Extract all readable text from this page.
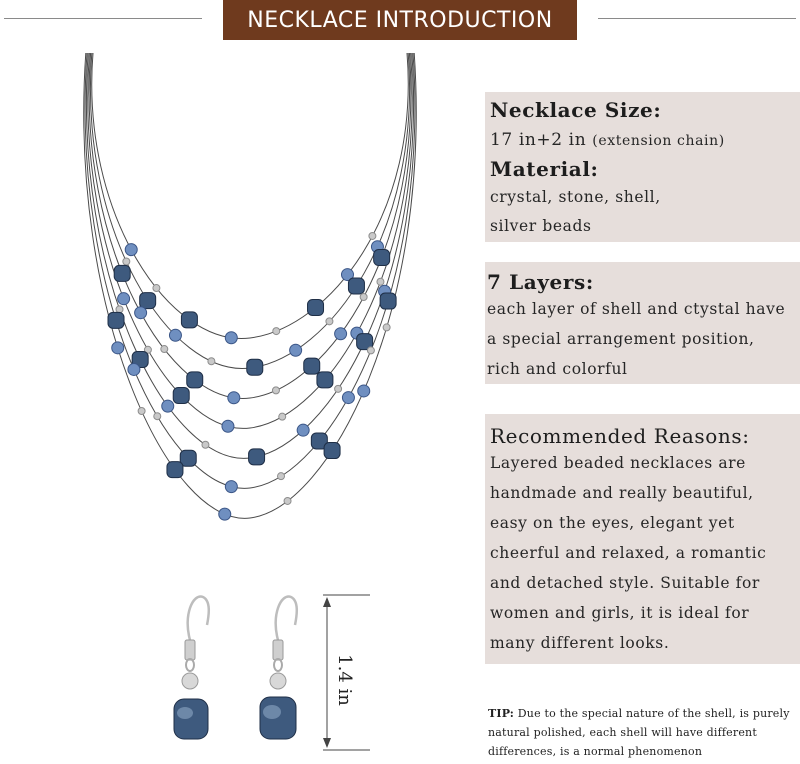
NECKLACE INTRODUCTION
1.4 in
Necklace Size:
17 in+2 in (extension chain)
Material:
crystal, stone, shell,
silver beads
7 Layers:
each layer of shell and ctystal have
a special arrangement position,
rich and colorful
Recommended Reasons:
Layered beaded necklaces are
handmade and really beautiful,
easy on the eyes, elegant yet
cheerful and relaxed, a romantic
and detached style. Suitable for
women and girls, it is ideal for
many different looks.
TIP: Due to the special nature of the shell, is purely natural polished, each shell will have different differences, is a normal phenomenon
